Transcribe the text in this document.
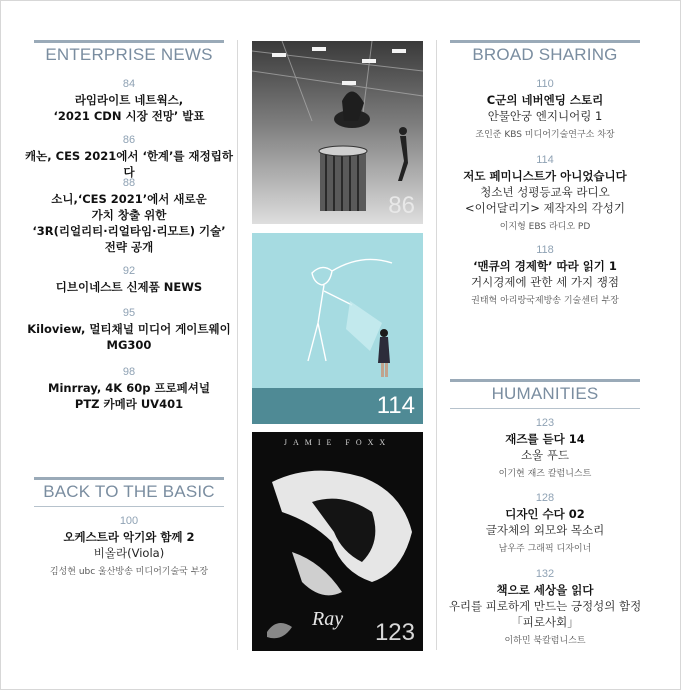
ENTERPRISE NEWS
84
라임라이트 네트웍스,
‘2021 CDN 시장 전망’ 발표
86
캐논, CES 2021에서 ‘한계’를 재정립하다
88
소니,‘CES 2021’에서 새로운
가치 창출 위한
‘3R(리얼리티·리얼타임·리모트) 기술’
전략 공개
92
디브이네스트 신제품 NEWS
95
Kiloview, 멀티채널 미디어 게이트웨이
MG300
98
Minrray, 4K 60p 프로페셔널
PTZ 카메라 UV401
BACK TO THE BASIC
100
오케스트라 악기와 함께 2
비올라(Viola)
김성현 ubc 울산방송 미디어기술국 부장
86
114
JAMIE FOXX
Ray 123
BROAD SHARING
110
C군의 네버엔딩 스토리
안물안궁 엔지니어링 1
조인준 KBS 미디어기술연구소 차장
114
저도 페미니스트가 아니었습니다
청소년 성평등교육 라디오
<이어달리기> 제작자의 각성기
이지형 EBS 라디오 PD
118
‘맨큐의 경제학’ 따라 읽기 1
거시경제에 관한 세 가지 쟁점
권태혁 아리랑국제방송 기술센터 부장
HUMANITIES
123
재즈를 듣다 14
소울 푸드
이기현 재즈 칼럼니스트
128
디자인 수다 02
글자체의 외모와 목소리
남우주 그래픽 디자이너
132
책으로 세상을 읽다
우리를 피로하게 만드는 긍정성의 함정
「피로사회」
이하민 북칼럼니스트
